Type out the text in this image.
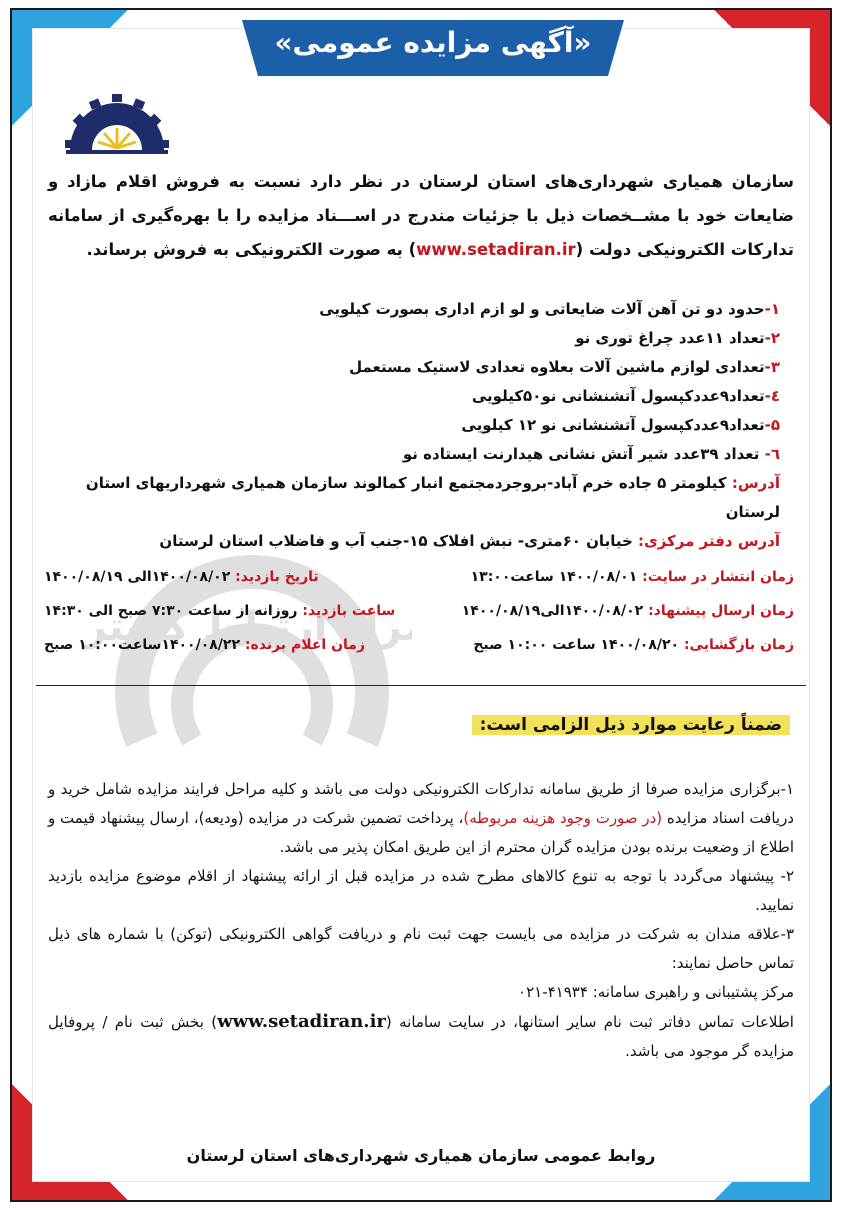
«آگهی مزایده عمومی»
سازمان همیاری شهرداری‌های استان لرستان در نظر دارد نسبت به فروش اقلام مازاد و ضایعات خود با مشــخصات ذیل با جزئیات مندرج در اســـناد مزایده را با بهره‌گیری از سامانه تدارکات الکترونیکی دولت (www.setadiran.ir) به صورت الکترونیکی به فروش برساند.
۱-حدود دو تن آهن آلات ضایعاتی و لو ازم اداری بصورت کیلویی
۲-تعداد ۱۱عدد چراغ توری نو
۳-تعدادی لوازم ماشین آلات بعلاوه تعدادی لاستیک مستعمل
٤-تعداد۹عددکپسول آتشنشانی نو۵۰کیلویی
۵-تعداد۹عددکپسول آتشنشانی نو ۱۲ کیلویی
٦- تعداد ۳۹عدد شیر آتش نشانی هیدارنت ایستاده نو
آدرس: کیلومتر ۵ جاده خرم آباد-بروجردمجتمع انبار کمالوند سازمان همیاری شهرداریهای استان لرستان
آدرس دفتر مرکزی: خیابان ۶۰متری- نبش افلاک ۱۵-جنب آب و فاضلاب استان لرستان
راه ارتباط گستر
زمان انتشار در سایت: ۱۴۰۰/۰۸/۰۱ ساعت۱۳:۰۰
تاریخ بازدید: ۱۴۰۰/۰۸/۰۲الی ۱۴۰۰/۰۸/۱۹
زمان ارسال پیشنهاد: ۱۴۰۰/۰۸/۰۲الی۱۴۰۰/۰۸/۱۹
ساعت بازدید: روزانه از ساعت ۷:۳۰ صبح الی ۱۴:۳۰
زمان بازگشایی: ۱۴۰۰/۰۸/۲۰ ساعت ۱۰:۰۰ صبح
زمان اعلام برنده: ۱۴۰۰/۰۸/۲۲ساعت۱۰:۰۰ صبح
ضمناً رعایت موارد ذیل الزامی است:

۱-برگزاری مزایده صرفا از طریق سامانه تدارکات الکترونیکی دولت می باشد و کلیه مراحل فرایند مزایده شامل خرید و دریافت اسناد مزایده (در صورت وجود هزینه مربوطه)، پرداخت تضمین شرکت در مزایده (ودیعه)، ارسال پیشنهاد قیمت و اطلاع از وضعیت برنده بودن مزایده گران محترم از این طریق امکان پذیر می باشد.

۲- پیشنهاد می‌گردد با توجه به تنوع کالاهای مطرح شده در مزایده قبل از ارائه پیشنهاد از اقلام موضوع مزایده بازدید نمایید.

۳-علاقه مندان به شرکت در مزایده می بایست جهت ثبت نام و دریافت گواهی الکترونیکی (توکن) با شماره های ذیل تماس حاصل نمایند:

مرکز پشتیبانی و راهبری سامانه: ۴۱۹۳۴-۰۲۱

اطلاعات تماس دفاتر ثبت نام سایر استانها، در سایت سامانه (www.setadiran.ir) بخش ثبت نام / پروفایل مزایده گر موجود می باشد.

روابط عمومی سازمان همیاری شهرداری‌های استان لرستان
